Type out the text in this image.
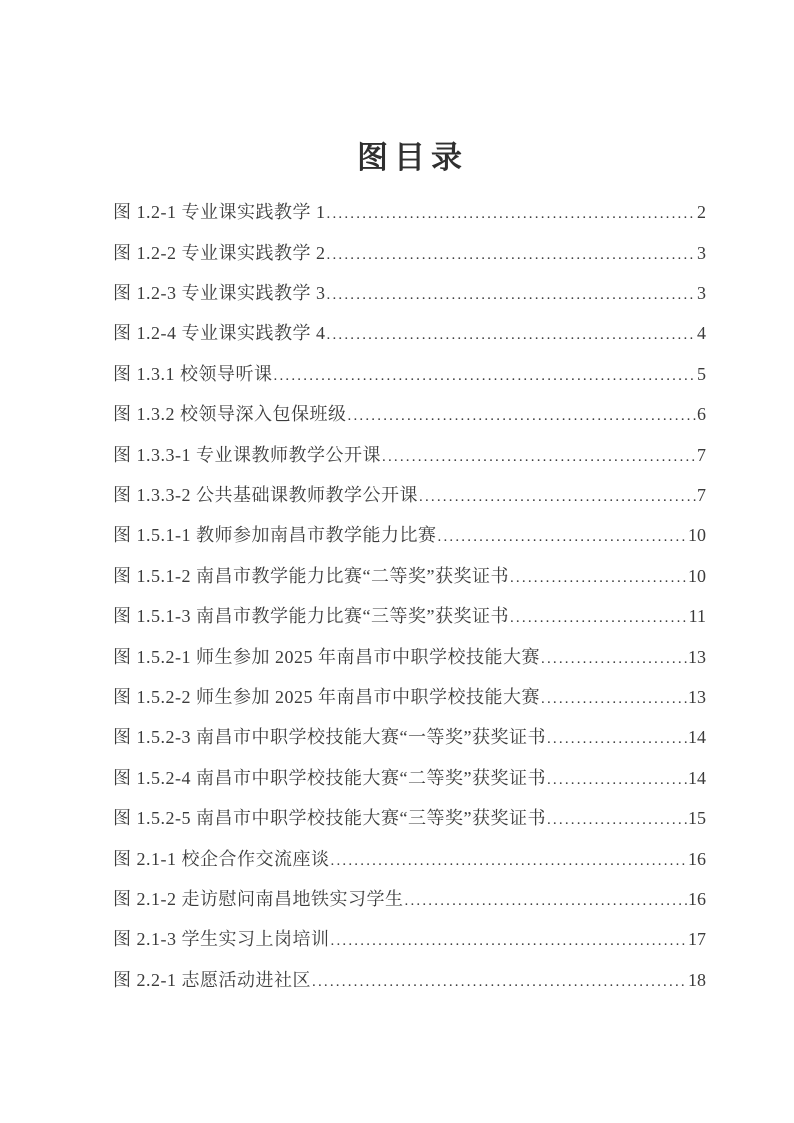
图目录
图 1.2-1 专业课实践教学 1 .....	2
图 1.2-2 专业课实践教学 2 .....	3
图 1.2-3 专业课实践教学 3 .....	3
图 1.2-4 专业课实践教学 4 .....	4
图 1.3.1 校领导听课 .....	5
图 1.3.2 校领导深入包保班级 .....	6
图 1.3.3-1 专业课教师教学公开课 .....	7
图 1.3.3-2 公共基础课教师教学公开课 .....	7
图 1.5.1-1 教师参加南昌市教学能力比赛 .....	10
图 1.5.1-2 南昌市教学能力比赛“二等奖”获奖证书 .....	10
图 1.5.1-3 南昌市教学能力比赛“三等奖”获奖证书 .....	11
图 1.5.2-1 师生参加 2025 年南昌市中职学校技能大赛 .....	13
图 1.5.2-2 师生参加 2025 年南昌市中职学校技能大赛 .....	13
图 1.5.2-3 南昌市中职学校技能大赛“一等奖”获奖证书 .....	14
图 1.5.2-4 南昌市中职学校技能大赛“二等奖”获奖证书 .....	14
图 1.5.2-5 南昌市中职学校技能大赛“三等奖”获奖证书 .....	15
图 2.1-1 校企合作交流座谈 .....	16
图 2.1-2 走访慰问南昌地铁实习学生 .....	16
图 2.1-3 学生实习上岗培训 .....	17
图 2.2-1 志愿活动进社区 .....	18
